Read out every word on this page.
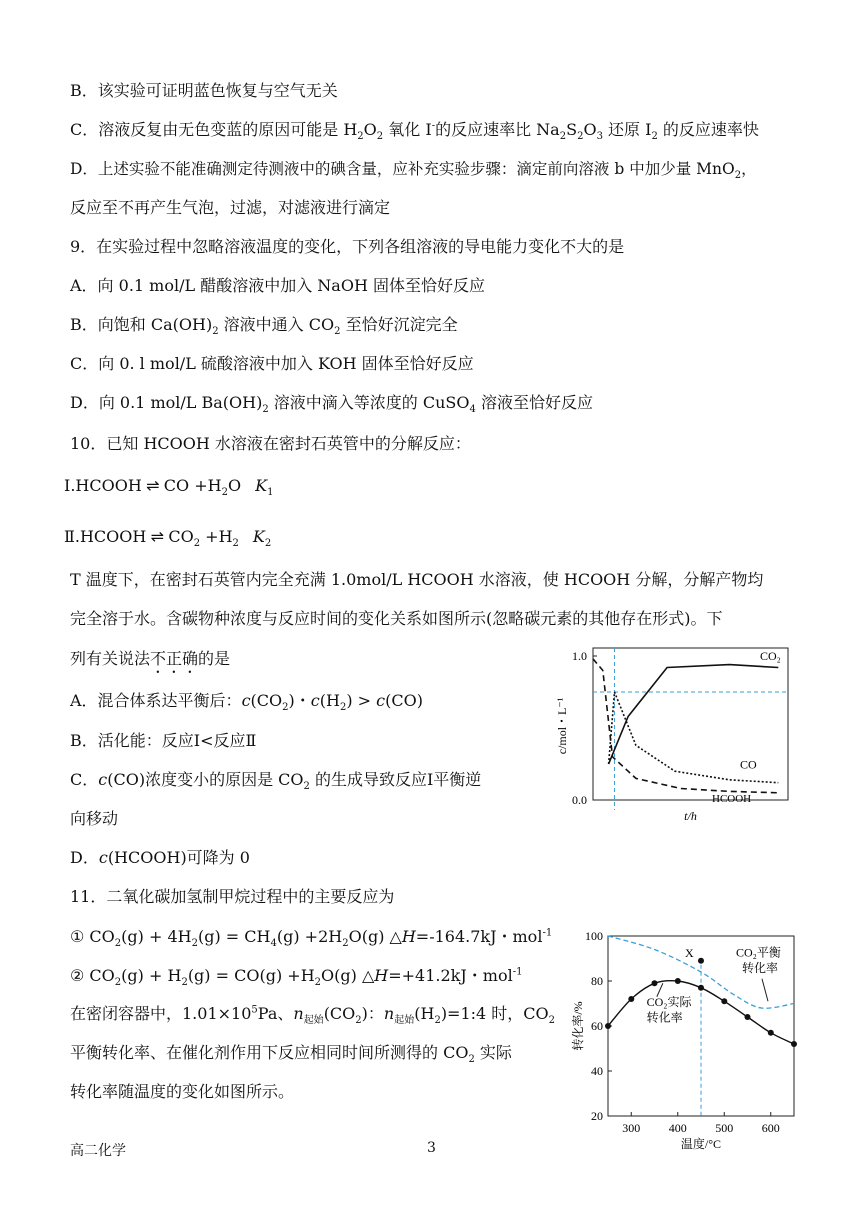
B．该实验可证明蓝色恢复与空气无关
C．溶液反复由无色变蓝的原因可能是 $H_2O_2$ 氧化 I-的反应速率比 $Na_2S_2O_3$ 还原 $I_2$ 的反应速率快
D．上述实验不能准确测定待测液中的碘含量，应补充实验步骤：滴定前向溶液 b 中加少量 MnO$_2$，
反应至不再产生气泡，过滤，对滤液进行滴定
9．在实验过程中忽略溶液温度的变化，下列各组溶液的导电能力变化不大的是
A．向 0.1 mol/L 醋酸溶液中加入 NaOH 固体至恰好反应
B．向饱和 $Ca(OH)_2$ 溶液中通入 $CO_2$ 至恰好沉淀完全
C．向 0. l mol/L 硫酸溶液中加入 KOH 固体至恰好反应
D．向 0.1 mol/L $Ba(OH)_2$ 溶液中滴入等浓度的 CuSO$_4$ 溶液至恰好反应
10．已知 HCOOH 水溶液在密封石英管中的分解反应：
Ⅰ.HCOOH ⇌ CO $+H_2O$ $K_1$
Ⅱ.HCOOH ⇌ $CO_2 +H_2$ $K_2$
T 温度下，在密封石英管内完全充满 1.0mol/L HCOOH 水溶液，使 HCOOH 分解，分解产物均
完全溶于水。含碳物种浓度与反应时间的变化关系如图所示(忽略碳元素的其他存在形式)。下
列有关说法不正确的是
A．混合体系达平衡后：$c(CO_2)$・$c(H_2) > c(CO)$
B．活化能：反应Ⅰ<反应Ⅱ
C．c(CO)浓度变小的原因是 $CO_2$ 的生成导致反应Ⅰ平衡逆
向移动
D．c(HCOOH)可降为 0
11．二氧化碳加氢制甲烷过程中的主要反应为
① $CO_2(g) + 4H_2(g) = CH_4(g) +2H_2O(g)$ △H=-164.7kJ・mol$^{-1}$
② $CO_2(g) + H_2(g) = CO(g) +H_2O(g)$ △H=+41.2kJ・mol$^{-1}$
在密闭容器中，$1.01\times 10^5Pa$、$n_{起始}(CO_2)$：$n_{起始}(H_2)=1:4$ 时，$CO_2$
平衡转化率、在催化剂作用下反应相同时间所测得的 $CO_2$ 实际
转化率随温度的变化如图所示。
1.0
0.0
t/h
c/mol・L⁻¹
CO₂
CO
HCOOH
20
40
60
80
100
300 400 500 600
温度/°C
转化率/%
X	CO₂平衡
转化率
CO₂实际
转化率
高二化学	3
